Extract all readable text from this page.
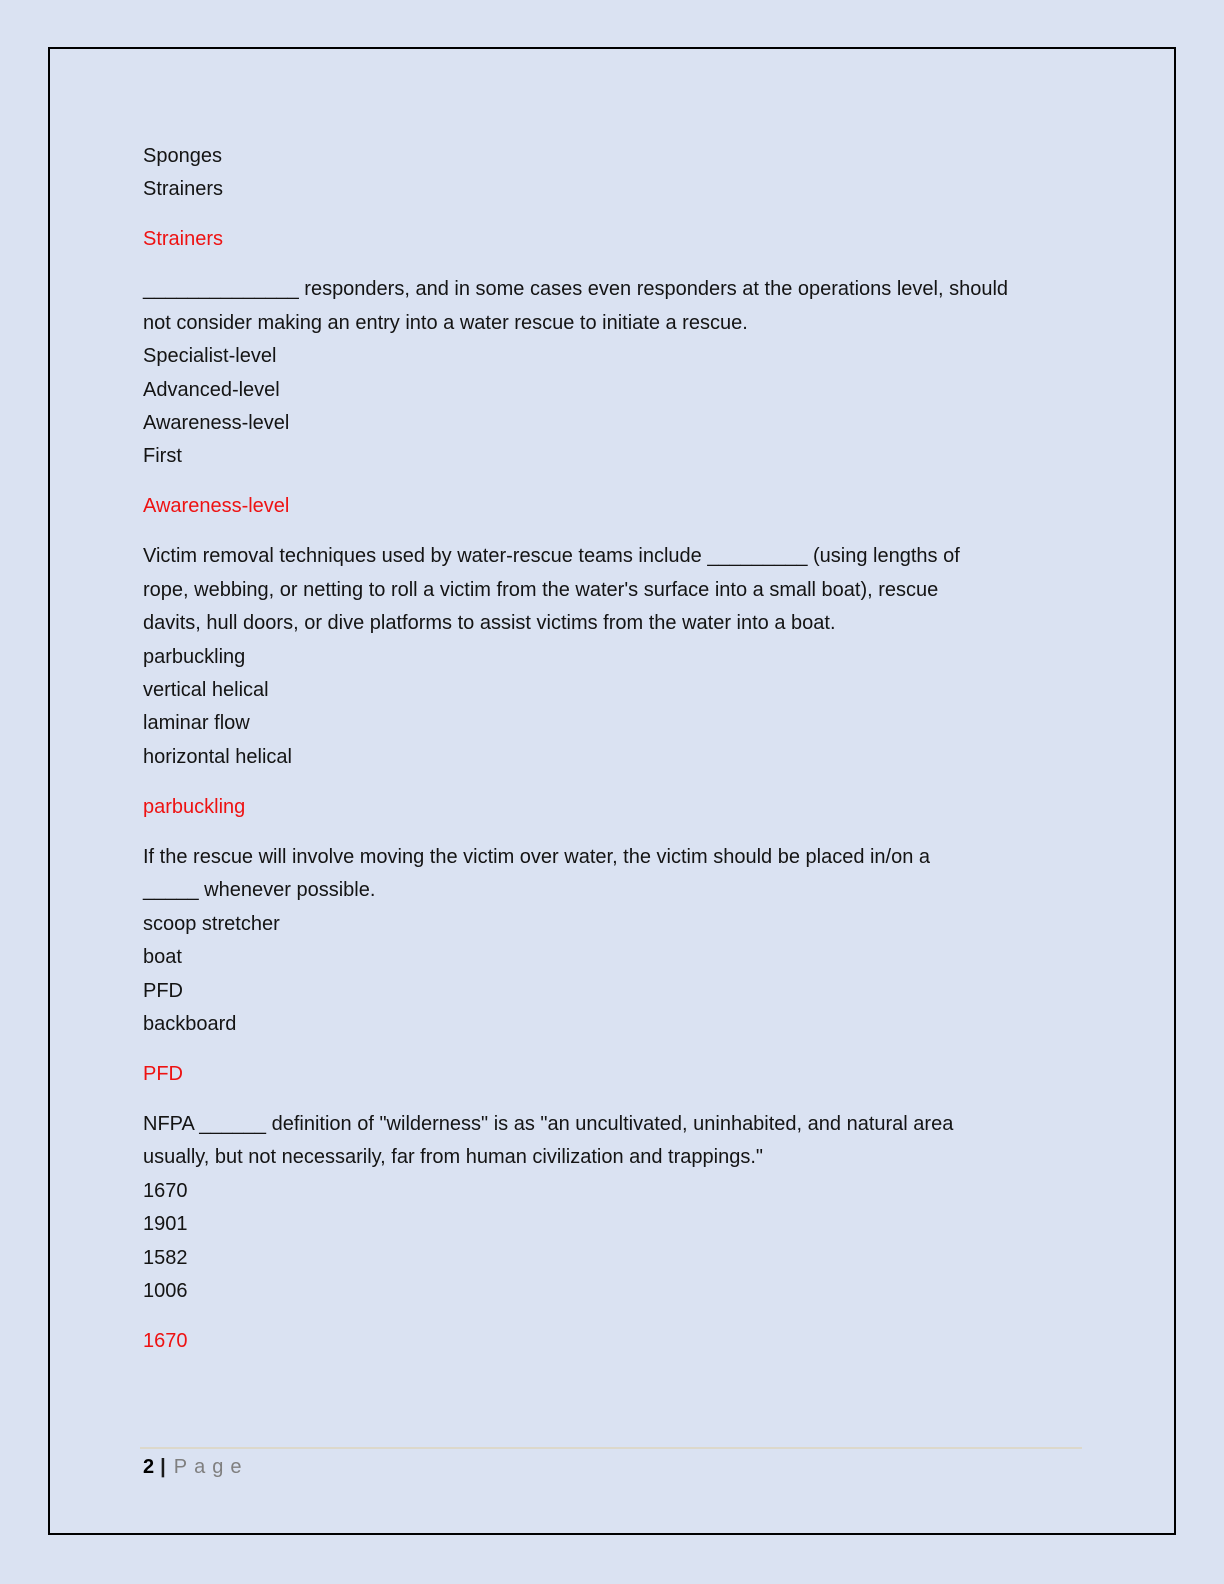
Sponges
Strainers
Strainers
______________ responders, and in some cases even responders at the operations level, should
not consider making an entry into a water rescue to initiate a rescue.
Specialist-level
Advanced-level
Awareness-level
First
Awareness-level
Victim removal techniques used by water-rescue teams include _________ (using lengths of
rope, webbing, or netting to roll a victim from the water's surface into a small boat), rescue
davits, hull doors, or dive platforms to assist victims from the water into a boat.
parbuckling
vertical helical
laminar flow
horizontal helical
parbuckling
If the rescue will involve moving the victim over water, the victim should be placed in/on a
_____ whenever possible.
scoop stretcher
boat
PFD
backboard
PFD
NFPA ______ definition of "wilderness" is as "an uncultivated, uninhabited, and natural area
usually, but not necessarily, far from human civilization and trappings."
1670
1901
1582
1006
1670
2 | Page
